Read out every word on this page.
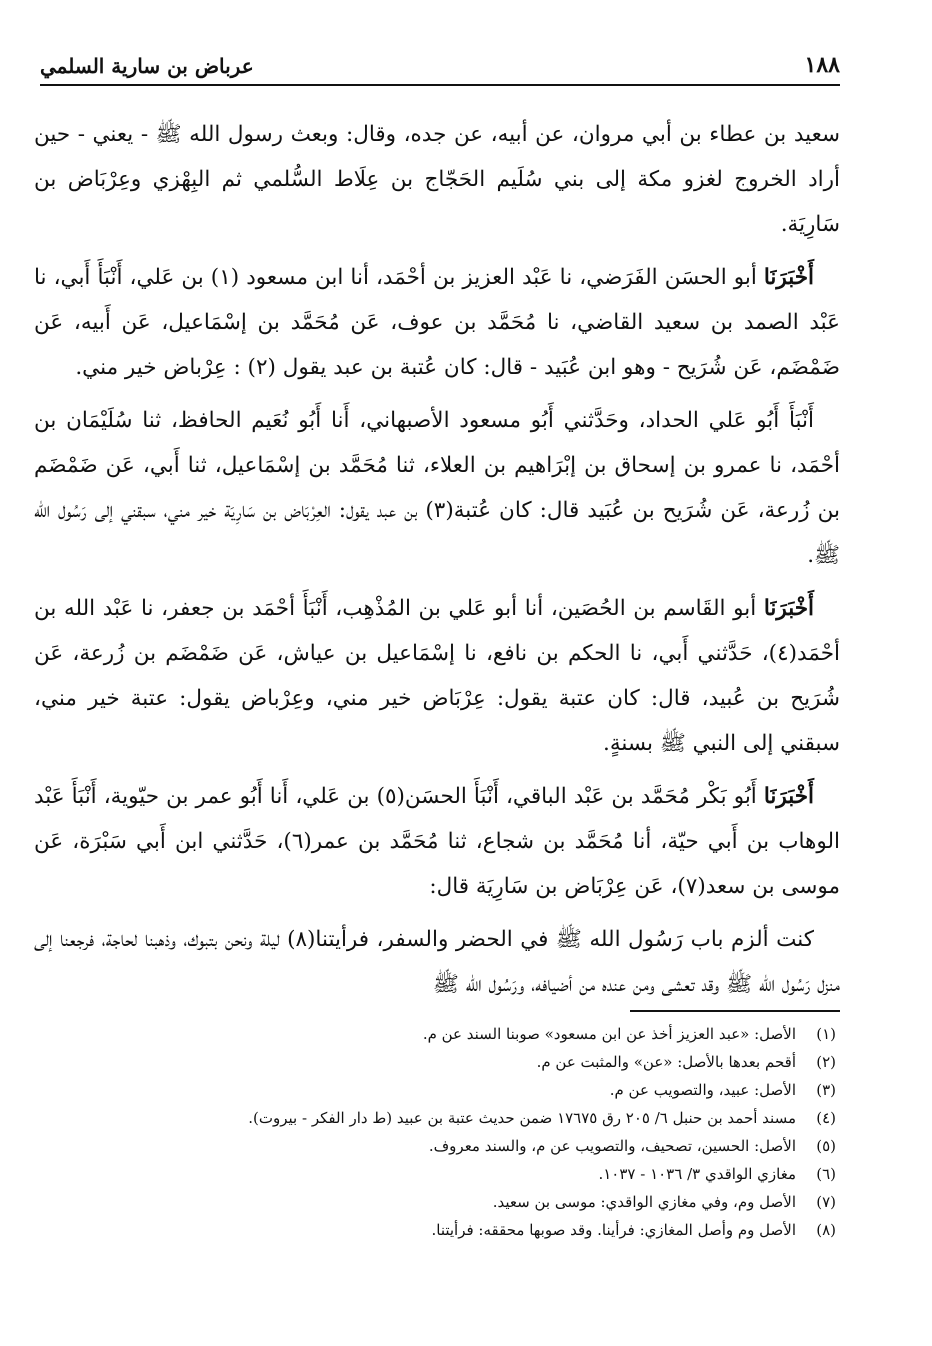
١٨٨
عرباض بن سارية السلمي

سعيد بن عطاء بن أبي مروان، عن أبيه، عن جده، وقال: وبعث رسول الله ﷺ - يعني - حين أراد الخروج لغزو مكة إلى بني سُلَيم الحَجّاج بن عِلَاط السُّلمي ثم البِهْزي وعِرْبَاض بن سَارِيَة.

أَخْبَرَنَا أبو الحسَن الفَرَضي، نا عَبْد العزيز بن أحْمَد، أنا ابن مسعود (١) بن عَلي، أَنْبَأَ أَبي، نا عَبْد الصمد بن سعيد القاضي، نا مُحَمَّد بن عوف، عَن مُحَمَّد بن إسْمَاعيل، عَن أَبيه، عَن ضَمْضَم، عَن شُرَيح - وهو ابن عُبَيد - قال: كان عُتبة بن عبد يقول (٢) : عِرْباض خير مني.

أَنْبَأَ أَبُو عَلي الحداد، وحَدَّثني أَبُو مسعود الأصبهاني، أَنا أَبُو نُعَيم الحافظ، ثنا سُلَيْمَان بن أحْمَد، نا عمرو بن إسحاق بن إبْرَاهيم بن العلاء، ثنا مُحَمَّد بن إسْمَاعيل، ثنا أَبي، عَن ضَمْضَم بن زُرعة، عَن شُرَيح بن عُبَيد قال: كان عُتبة(٣) بن عبد يقول: العِرْبَاض بن سَارِيَة خير مني، سبقني إلى رَسُول الله ﷺ.

أَخْبَرَنَا أبو القَاسم بن الحُصَين، أنا أبو عَلي بن المُذْهِب، أَنْبَأَ أحْمَد بن جعفر، نا عَبْد الله بن أحْمَد(٤)، حَدَّثني أَبي، نا الحكم بن نافع، نا إسْمَاعيل بن عياش، عَن ضَمْضَم بن زُرعة، عَن شُرَيح بن عُبيد، قال: كان عتبة يقول: عِرْبَاض خير مني، وعِرْباض يقول: عتبة خير مني، سبقني إلى النبي ﷺ بسنةٍ.

أَخْبَرَنَا أَبُو بَكْر مُحَمَّد بن عَبْد الباقي، أَنْبَأَ الحسَن(٥) بن عَلي، أَنا أَبُو عمر بن حيّوية، أَنْبَأَ عَبْد الوهاب بن أَبي حيّة، أنا مُحَمَّد بن شجاع، ثنا مُحَمَّد بن عمر(٦)، حَدَّثني ابن أَبي سَبْرَة، عَن موسى بن سعد(٧)، عَن عِرْبَاض بن سَارِيَة قال:

كنت ألزم باب رَسُول الله ﷺ في الحضر والسفر، فرأيتنا(٨) ليلة ونحن بتبوك، وذهبنا لحاجة، فرجعنا إلى منزل رَسُول الله ﷺ وقد تعشى ومن عنده من أضيافه، ورَسُول الله ﷺ

(١)
الأصل: «عبد العزيز أخذ عن ابن مسعود» صوبنا السند عن م.
(٢)
أقحم بعدها بالأصل: «عن» والمثبت عن م.
(٣)
الأصل: عبيد، والتصويب عن م.
(٤)
مسند أحمد بن حنبل ٦/ ٢٠٥ رق ١٧٦٧٥ ضمن حديث عتبة بن عبيد (ط دار الفكر - بيروت).
(٥)
الأصل: الحسين، تصحيف، والتصويب عن م، والسند معروف.
(٦)
مغازي الواقدي ٣/ ١٠٣٦ - ١٠٣٧.
(٧)
الأصل وم، وفي مغازي الواقدي: موسى بن سعيد.
(٨)
الأصل وم وأصل المغازي: فرأينا. وقد صوبها محققه: فرأيتنا.
